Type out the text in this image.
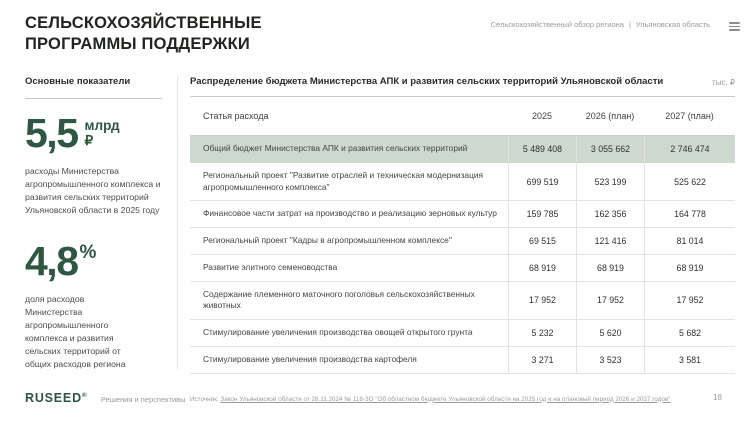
СЕЛЬСКОХОЗЯЙСТВЕННЫЕ
ПРОГРАММЫ ПОДДЕРЖКИ
Сельскохозяйственный обзор региона | Ульяновская область
Основные показатели
5,5 млрд
₽
расходы Министерства агропромышленного комплекса и развития сельских территорий Ульяновской области в 2025 году
4,8 %
доля расходов Министерства агропромышленного комплекса и развития сельских территорий от общих расходов региона
Распределение бюджета Министерства АПК и развития сельских территорий Ульяновской области	тыс. ₽
Статья расхода	2025	2026 (план)	2027 (план)
Общий бюджет Министерства АПК и развития сельских территорий	5 489 408	3 055 662	2 746 474
Региональный проект "Развитие отраслей и техническая модернизация агропромышленного комплекса"	699 519	523 199	525 622
Финансовое части затрат на производство и реализацию зерновых культур	159 785	162 356	164 778
Региональный проект "Кадры в агропромышленном комплексе"	69 515	121 416	81 014
Развитие элитного семеноводства	68 919	68 919	68 919
Содержание племенного маточного поголовья сельскохозяйственных животных	17 952	17 952	17 952
Стимулирование увеличения производства овощей открытого грунта	5 232	5 620	5 682
Стимулирование увеличения производства картофеля	3 271	3 523	3 581
RUSEED® Решения и перспективы Источник: Закон Ульяновской области от 28.11.2024 № 118-ЗО "Об областном бюджете Ульяновской области на 2025 год и на плановый период 2026 и 2027 годов"	18
